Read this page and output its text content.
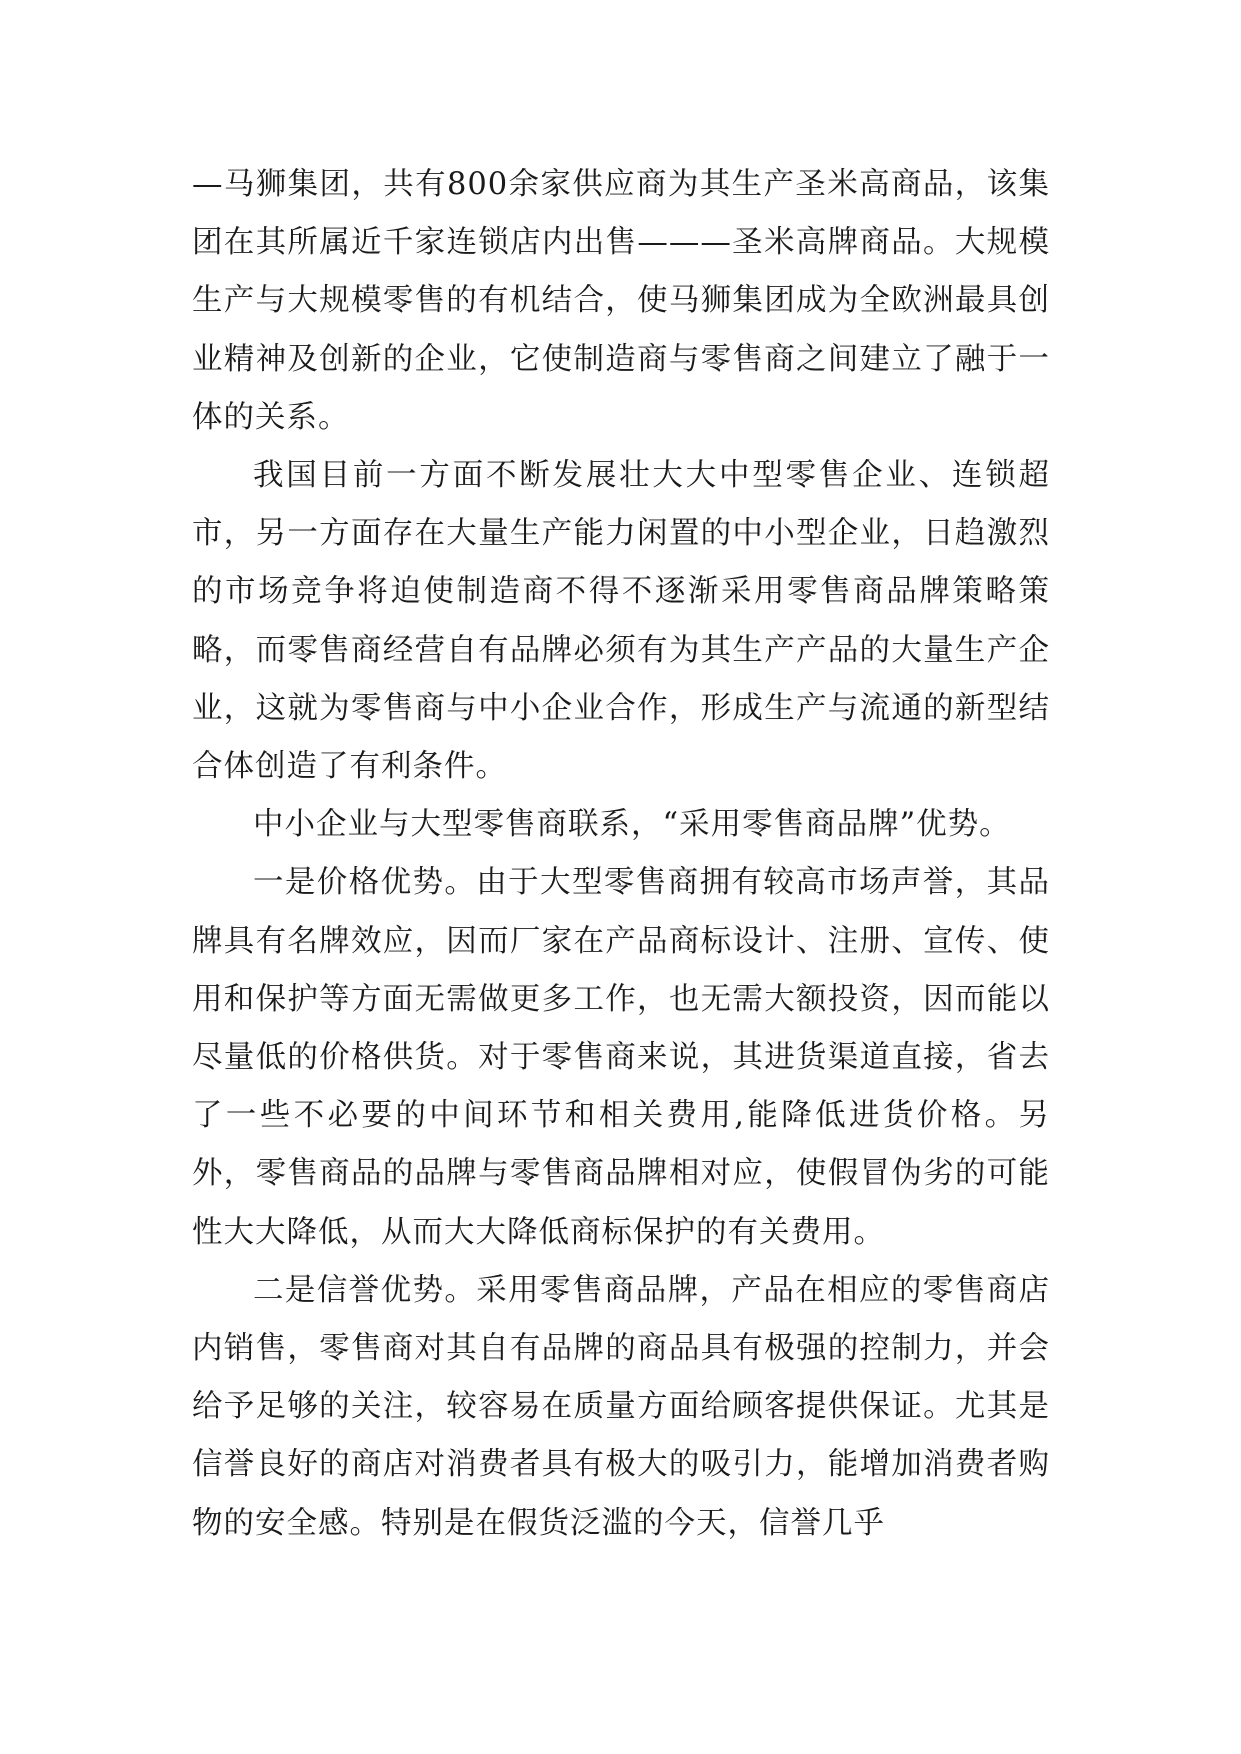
—马狮集团，共有800余家供应商为其生产圣米高商品，该集团在其所属近千家连锁店内出售———圣米高牌商品。大规模生产与大规模零售的有机结合，使马狮集团成为全欧洲最具创业精神及创新的企业，它使制造商与零售商之间建立了融于一体的关系。

我国目前一方面不断发展壮大大中型零售企业、连锁超市，另一方面存在大量生产能力闲置的中小型企业，日趋激烈的市场竞争将迫使制造商不得不逐渐采用零售商品牌策略策略，而零售商经营自有品牌必须有为其生产产品的大量生产企业，这就为零售商与中小企业合作，形成生产与流通的新型结合体创造了有利条件。

中小企业与大型零售商联系，“采用零售商品牌”优势。

一是价格优势。由于大型零售商拥有较高市场声誉，其品牌具有名牌效应，因而厂家在产品商标设计、注册、宣传、使用和保护等方面无需做更多工作，也无需大额投资，因而能以尽量低的价格供货。对于零售商来说，其进货渠道直接，省去了一些不必要的中间环节和相关费用,能降低进货价格。另外，零售商品的品牌与零售商品牌相对应，使假冒伪劣的可能性大大降低，从而大大降低商标保护的有关费用。

二是信誉优势。采用零售商品牌，产品在相应的零售商店内销售，零售商对其自有品牌的商品具有极强的控制力，并会给予足够的关注，较容易在质量方面给顾客提供保证。尤其是信誉良好的商店对消费者具有极大的吸引力，能增加消费者购物的安全感。特别是在假货泛滥的今天，信誉几乎
